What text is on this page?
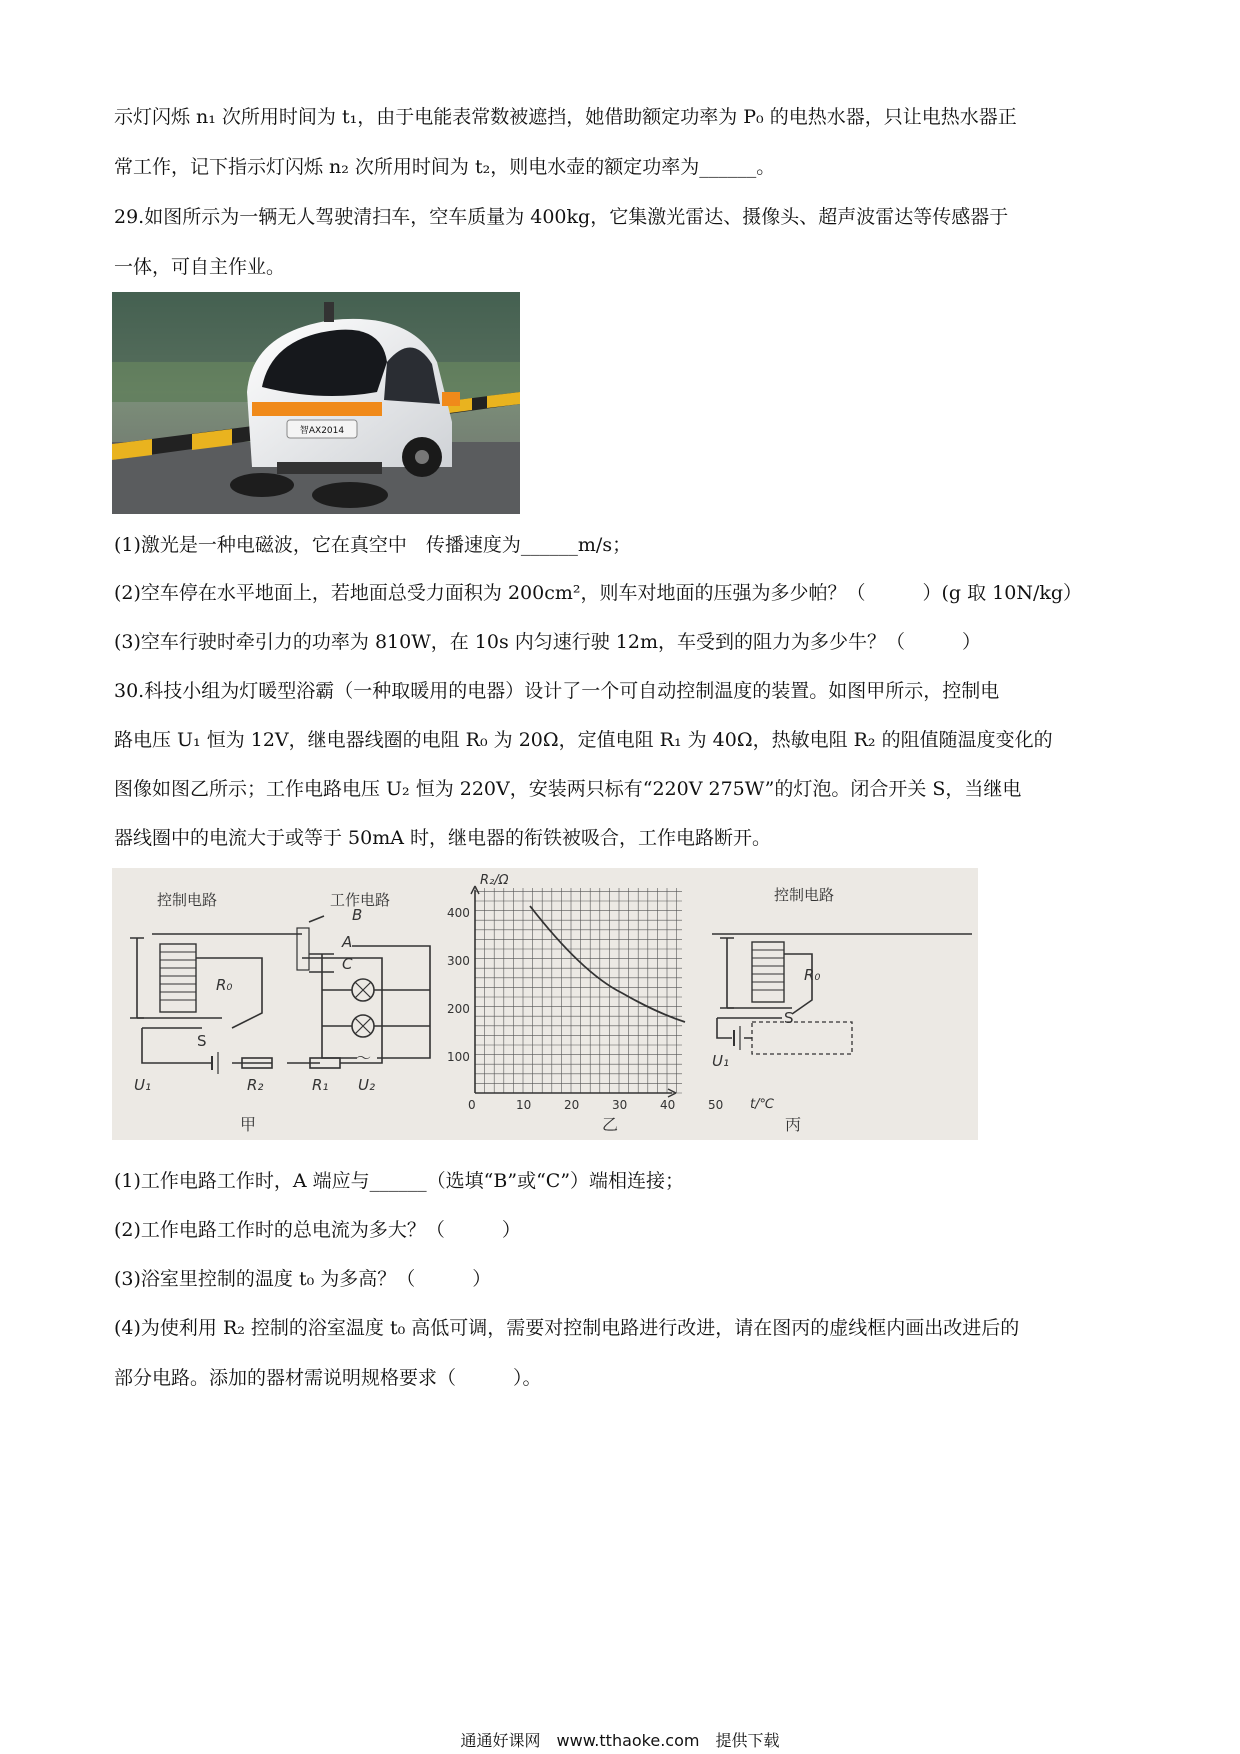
示灯闪烁 n₁ 次所用时间为 t₁，由于电能表常数被遮挡，她借助额定功率为 P₀ 的电热水器，只让电热水器正
常工作，记下指示灯闪烁 n₂ 次所用时间为 t₂，则电水壶的额定功率为______。
29.如图所示为一辆无人驾驶清扫车，空车质量为 400kg，它集激光雷达、摄像头、超声波雷达等传感器于
一体，可自主作业。
智AX2014
(1)激光是一种电磁波，它在真空中　传播速度为______m/s；
(2)空车停在水平地面上，若地面总受力面积为 200cm²，则车对地面的压强为多少帕？（　　　）(g 取 10N/kg）
(3)空车行驶时牵引力的功率为 810W，在 10s 内匀速行驶 12m，车受到的阻力为多少牛？（　　　）
30.科技小组为灯暖型浴霸（一种取暖用的电器）设计了一个可自动控制温度的装置。如图甲所示，控制电
路电压 U₁ 恒为 12V，继电器线圈的电阻 R₀ 为 20Ω，定值电阻 R₁ 为 40Ω，热敏电阻 R₂ 的阻值随温度变化的
图像如图乙所示；工作电路电压 U₂ 恒为 220V，安装两只标有“220V 275W”的灯泡。闭合开关 S，当继电
器线圈中的电流大于或等于 50mA 时，继电器的衔铁被吸合，工作电路断开。
控制电路	工作电路
R₀
S
U₁	R₂	R₁
B
A
C
～
U₂
甲
R₂/Ω
t/℃
100
200
300
400
0	10	20	30	40	50
乙
控制电路
R₀
S
U₁
丙
(1)工作电路工作时，A 端应与______（选填“B”或“C”）端相连接；
(2)工作电路工作时的总电流为多大？（　　　）
(3)浴室里控制的温度 t₀ 为多高？（　　　）
(4)为使利用 R₂ 控制的浴室温度 t₀ 高低可调，需要对控制电路进行改进，请在图丙的虚线框内画出改进后的
部分电路。添加的器材需说明规格要求（　　　）。
通通好课网　www.tthaoke.com　提供下载
